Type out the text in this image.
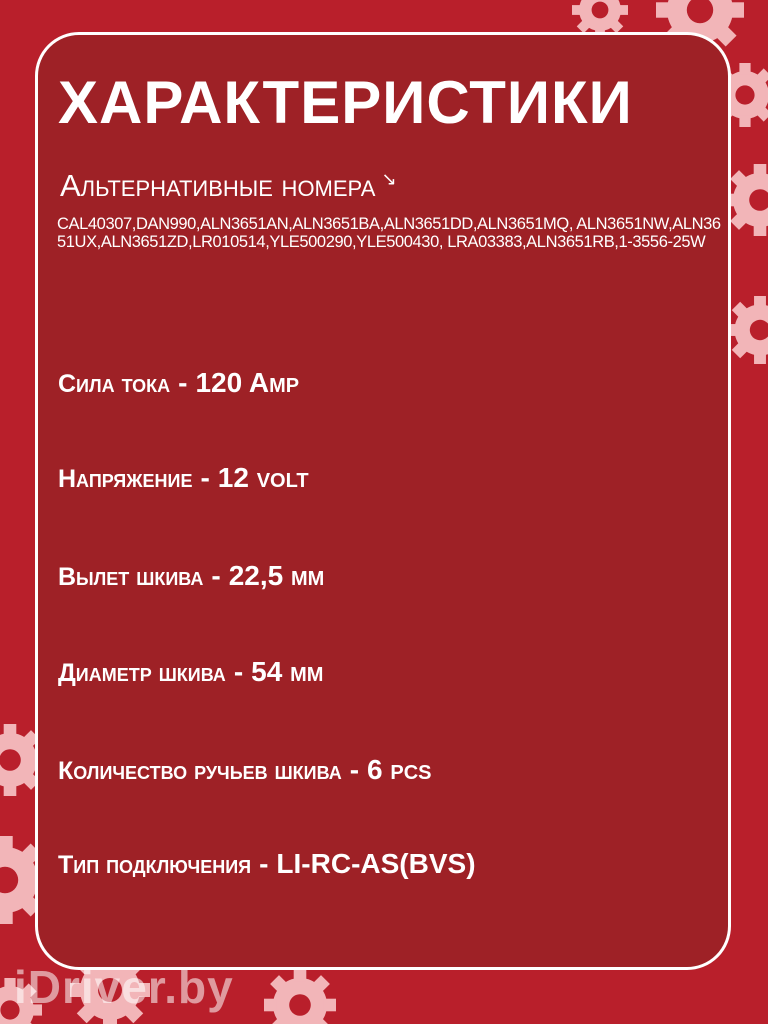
ХАРАКТЕРИСТИКИ
Альтернативные номера ↘
CAL40307,DAN990,ALN3651AN,ALN3651BA,ALN3651DD,ALN3651MQ, ALN3651NW,ALN3651UX,ALN3651ZD,LR010514,YLE500290,YLE500430, LRA03383,ALN3651RB,1-3556-25W
Сила тока - 120 Amp
Напряжение - 12 volt
Вылет шкива - 22,5 мм
Диаметр шкива - 54 мм
Количество ручьев шкива - 6 pcs
Тип подключения - LI-RC-AS(BVS)
iDriver.by
